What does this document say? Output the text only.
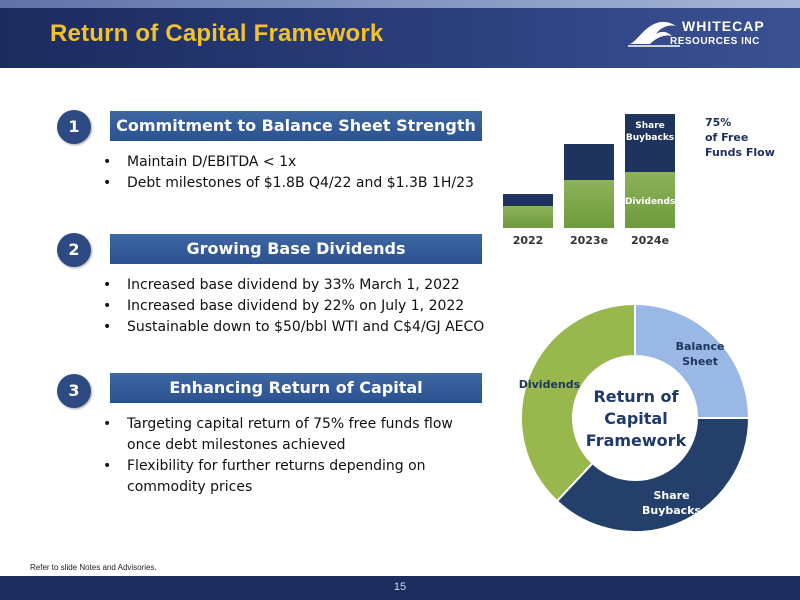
Return of Capital Framework	WHITECAP
RESOURCES INC
1	Commitment to Balance Sheet Strength
• Maintain D/EBITDA < 1x
• Debt milestones of $1.8B Q4/22 and $1.3B 1H/23
2	Growing Base Dividends
• Increased base dividend by 33% March 1, 2022
• Increased base dividend by 22% on July 1, 2022
• Sustainable down to $50/bbl WTI and C$4/GJ AECO
3	Enhancing Return of Capital
• Targeting capital return of 75% free funds flow
once debt milestones achieved
• Flexibility for further returns depending on
commodity prices
Share
Buybacks
Dividends
2022	2023e	2024e
75%
of Free
Funds Flow
Balance
Sheet
Share
Buybacks
Dividends
Return of
Capital
Framework
Refer to slide Notes and Advisories.
15
